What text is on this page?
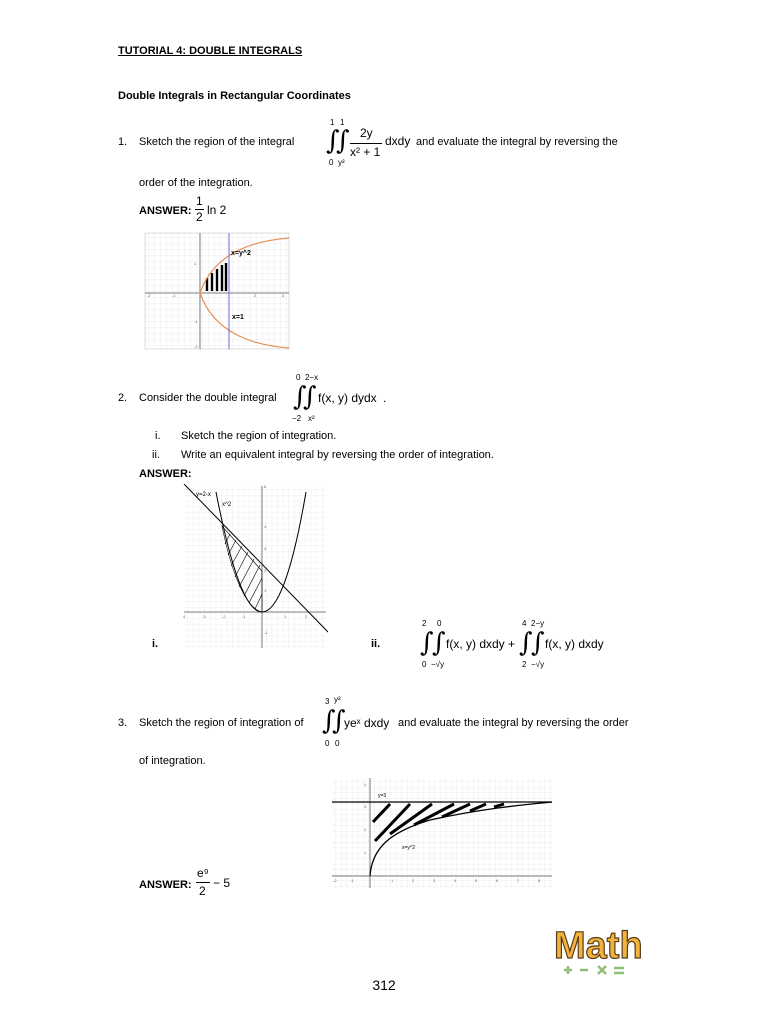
TUTORIAL 4: DOUBLE INTEGRALS
Double Integrals in Rectangular Coordinates
1. Sketch the region of the integral
1 1
∫
∫
0 y²
2y
x² + 1
dxdy and evaluate the integral by reversing the
order of the integration.
ANSWER:
1
2 ln 2
-2	-1	2	3
1
-1
-2
x=y^2
x=1
2. Consider the double integral
0 2−x
∫
∫
−2 x²
f(x, y) dydx .
i. Sketch the region of integration.
ii. Write an equivalent integral by reversing the order of integration.
ANSWER:
4	-3	-2	-1	1	2
6
4
3
2
1
-1
y=2-x
x^2
i.	ii.
2 0
∫
∫
0 −√y
f(x, y) dxdy +
4 2−y
∫
∫
2 −√y
f(x, y) dxdy
3. Sketch the region of integration of
3 y²
∫
∫
0 0
yeˣ dxdy and evaluate the integral by reversing the order
of integration.
-2	-1	1	2	3	4	5	6	7	8
4
3
2
1
y=3
x=y^2
ANSWER:
e⁹
2
− 5
Math
312
